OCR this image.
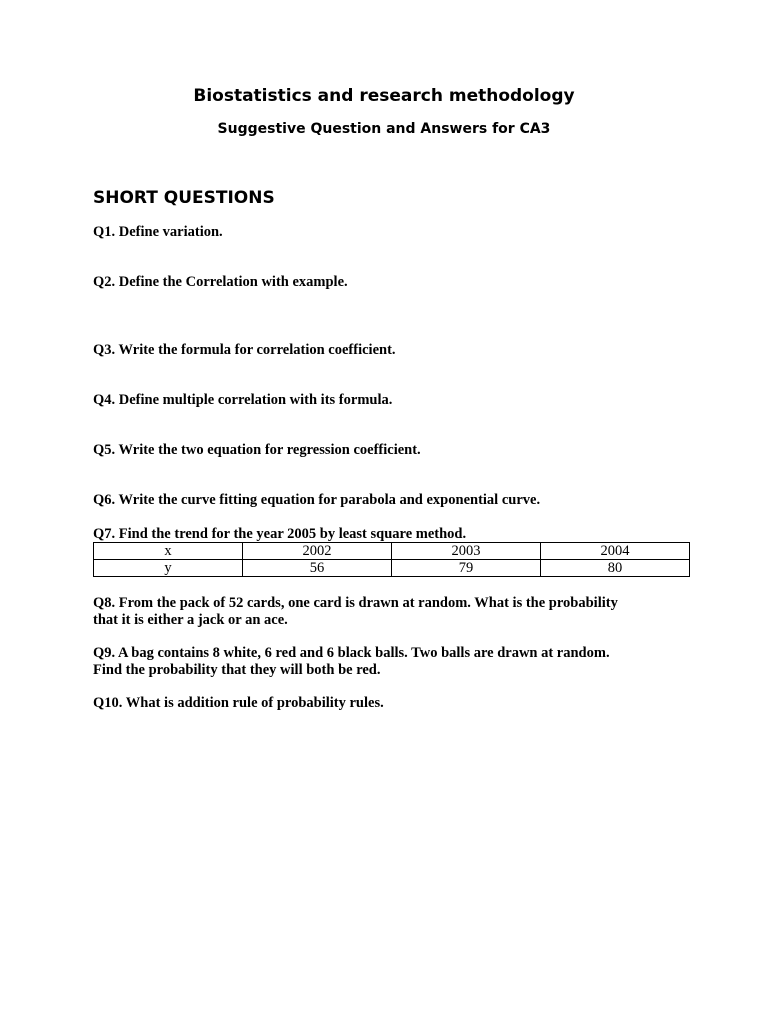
Biostatistics and research methodology
Suggestive Question and Answers for CA3
SHORT QUESTIONS
Q1. Define variation.
Q2. Define the Correlation with example.
Q3. Write the formula for correlation coefficient.
Q4. Define multiple correlation with its formula.
Q5. Write the two equation for regression coefficient.
Q6. Write the curve fitting equation for parabola and exponential curve.
Q7. Find the trend for the year 2005 by least square method.
x	2002	2003	2004
y	56	79	80
Q8. From the pack of 52 cards, one card is drawn at random. What is the probability
that it is either a jack or an ace.
Q9. A bag contains 8 white, 6 red and 6 black balls. Two balls are drawn at random.
Find the probability that they will both be red.
Q10. What is addition rule of probability rules.
